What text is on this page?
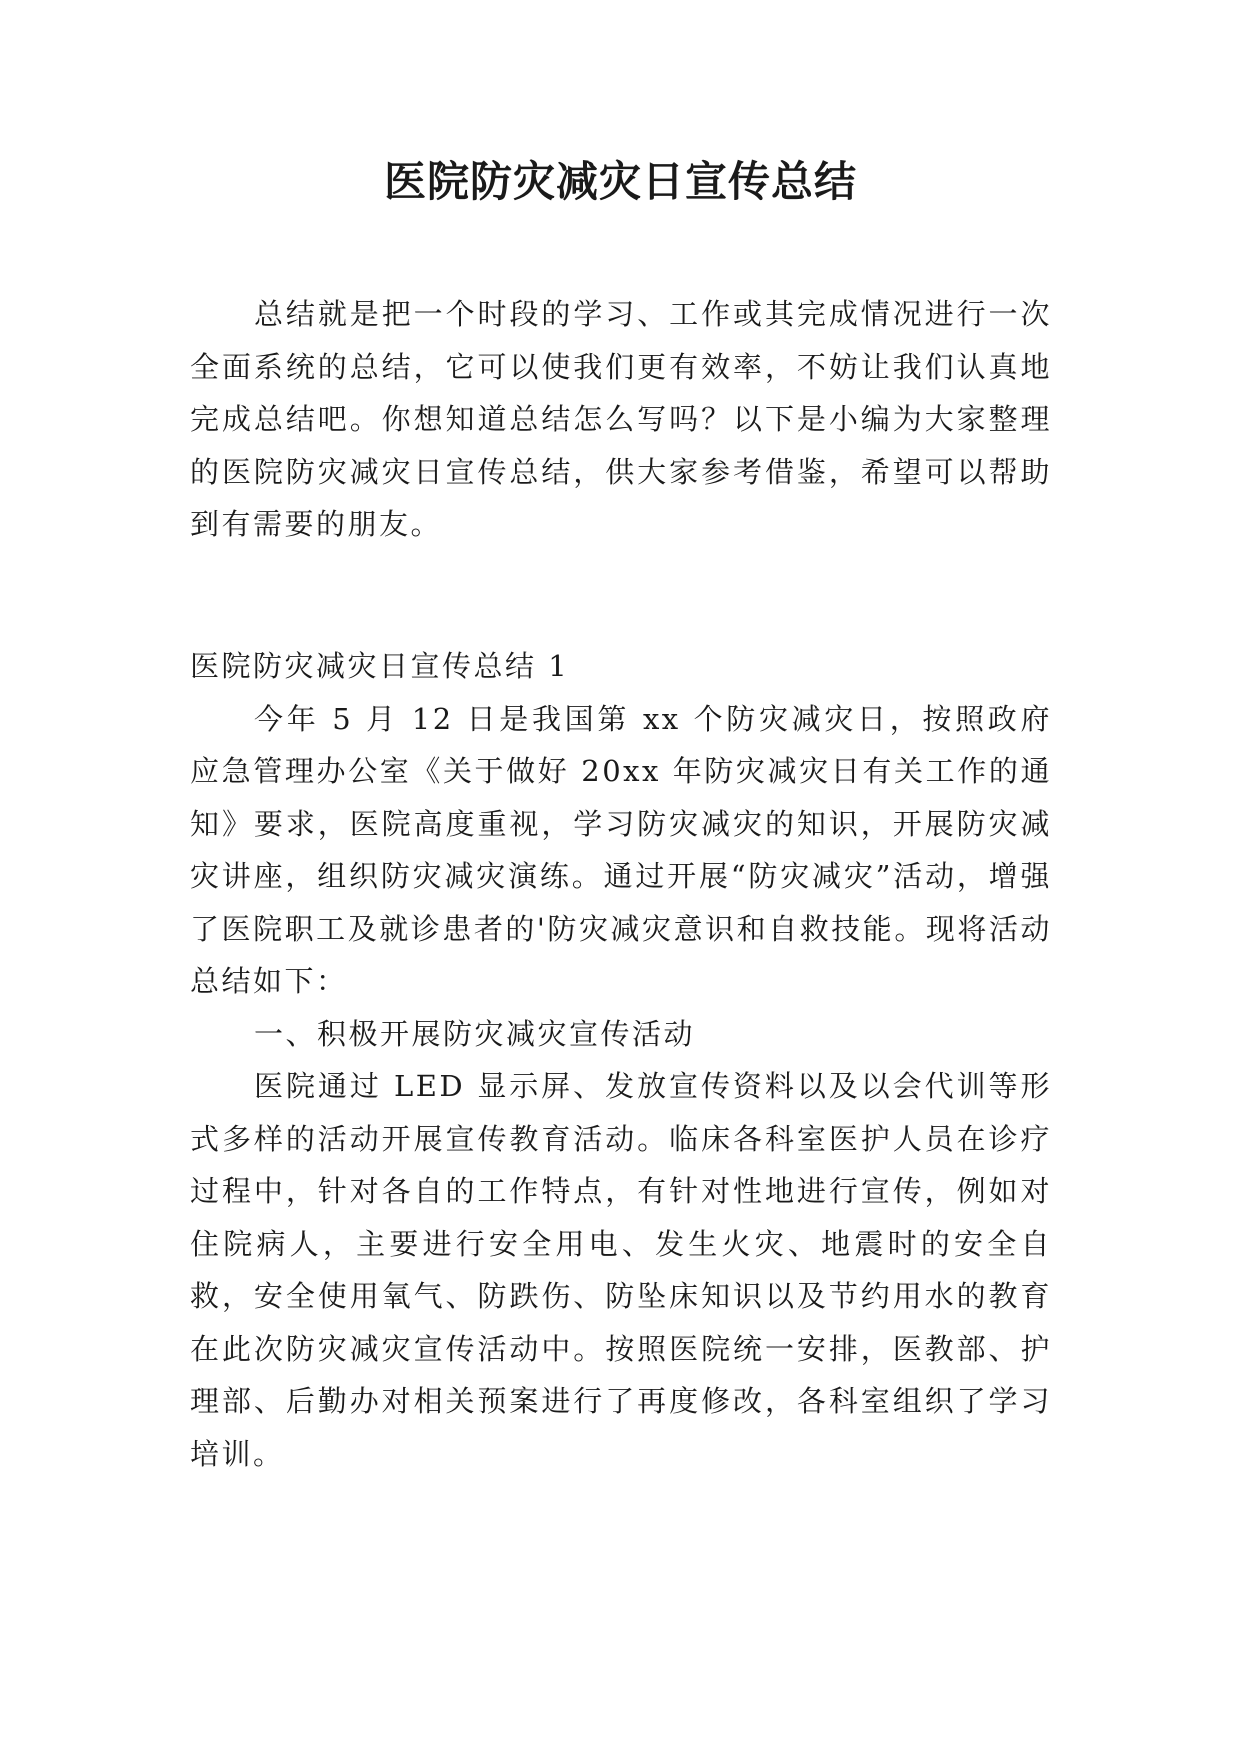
医院防灾减灾日宣传总结

总结就是把一个时段的学习、工作或其完成情况进行一次全面系统的总结，它可以使我们更有效率，不妨让我们认真地完成总结吧。你想知道总结怎么写吗？以下是小编为大家整理的医院防灾减灾日宣传总结，供大家参考借鉴，希望可以帮助到有需要的朋友。

医院防灾减灾日宣传总结 1

今年 5 月 12 日是我国第 xx 个防灾减灾日，按照政府应急管理办公室《关于做好 20xx 年防灾减灾日有关工作的通知》要求，医院高度重视，学习防灾减灾的知识，开展防灾减灾讲座，组织防灾减灾演练。通过开展“防灾减灾”活动，增强了医院职工及就诊患者的'防灾减灾意识和自救技能。现将活动总结如下：

一、积极开展防灾减灾宣传活动

医院通过 LED 显示屏、发放宣传资料以及以会代训等形式多样的活动开展宣传教育活动。临床各科室医护人员在诊疗过程中，针对各自的工作特点，有针对性地进行宣传，例如对住院病人，主要进行安全用电、发生火灾、地震时的安全自救，安全使用氧气、防跌伤、防坠床知识以及节约用水的教育在此次防灾减灾宣传活动中。按照医院统一安排，医教部、护理部、后勤办对相关预案进行了再度修改，各科室组织了学习培训。
